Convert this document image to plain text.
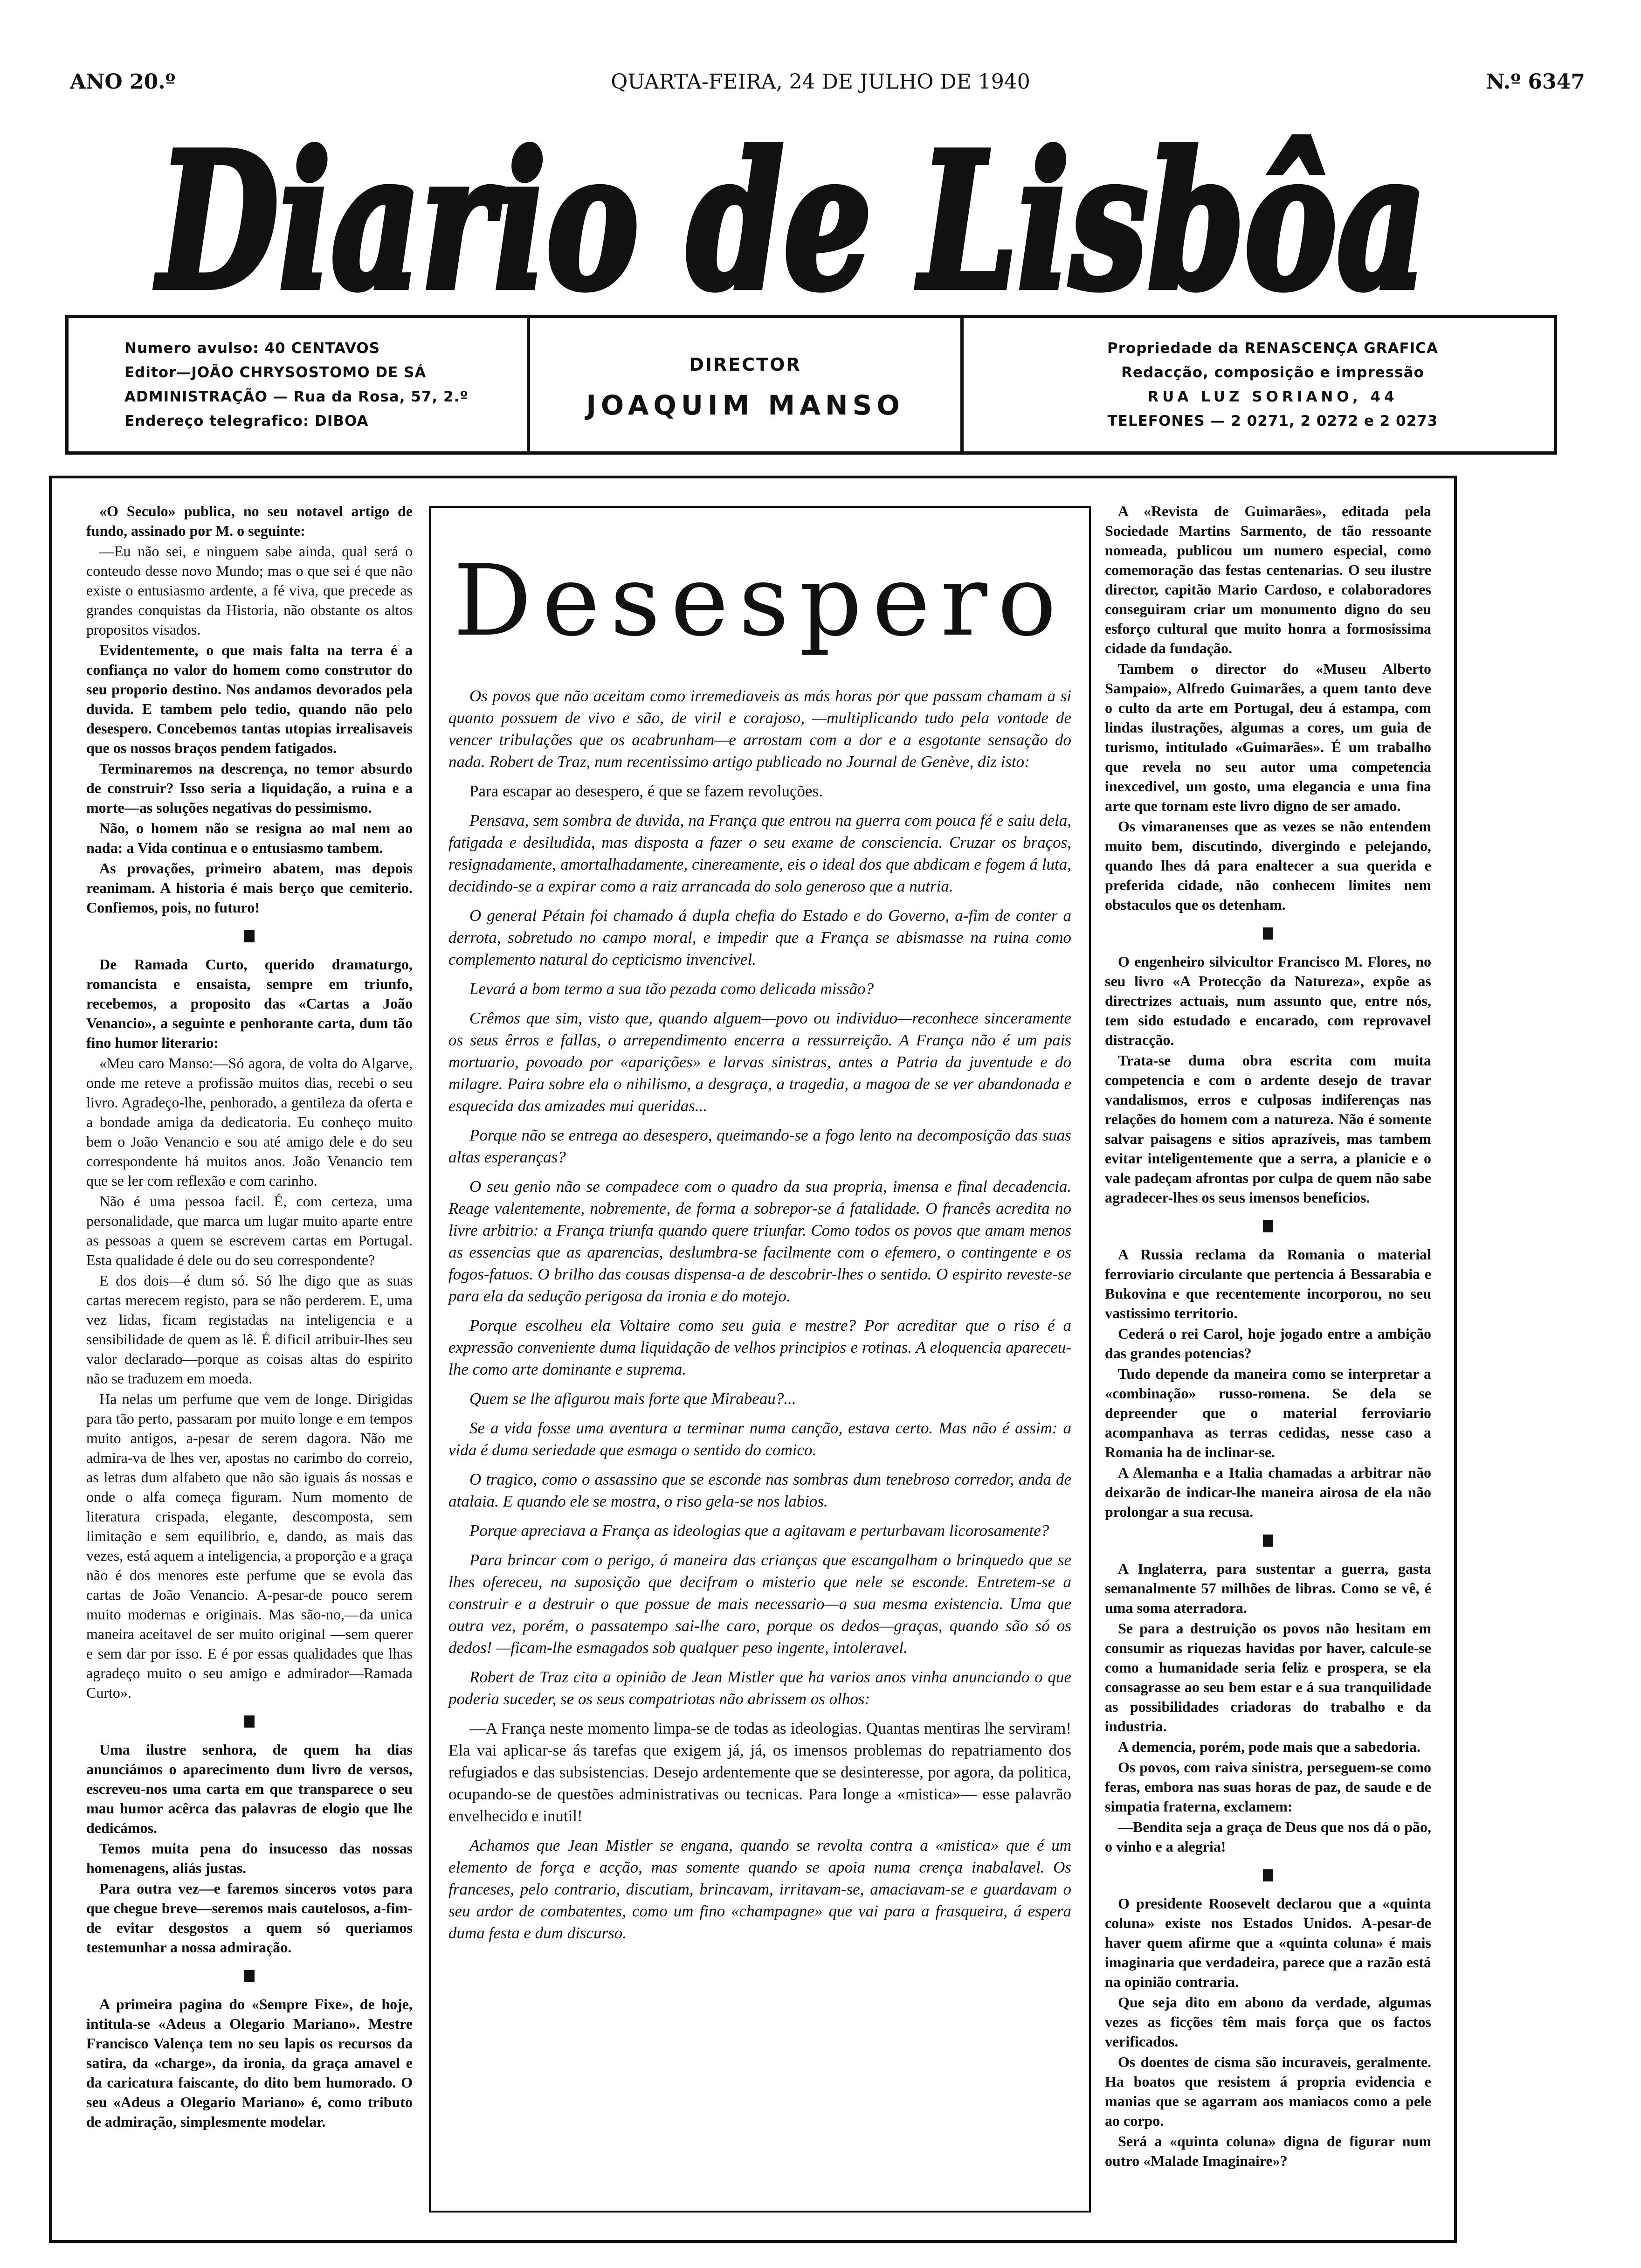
ANO 20.º	QUARTA-FEIRA, 24 DE JULHO DE 1940	N.º 6347
Diario de Lisbôa
Numero avulso: 40 CENTAVOS
Editor—JOÃO CHRYSOSTOMO DE SÁ
ADMINISTRAÇÃO — Rua da Rosa, 57, 2.º
Endereço telegrafico: DIBOA
DIRECTOR
JOAQUIM MANSO
Propriedade da RENASCENÇA GRAFICA
Redacção, composição e impressão
RUA LUZ SORIANO, 44
TELEFONES — 2 0271, 2 0272 e 2 0273

«O Seculo» publica, no seu notavel artigo de fundo, assinado por M. o seguinte:

—Eu não sei, e ninguem sabe ainda, qual será o conteudo desse novo Mundo; mas o que sei é que não existe o entusiasmo ardente, a fé viva, que precede as grandes conquistas da Historia, não obstante os altos propositos visados.

Evidentemente, o que mais falta na terra é a confiança no valor do homem como construtor do seu proporio destino. Nos andamos devorados pela duvida. E tambem pelo tedio, quando não pelo desespero. Concebemos tantas utopias irrealisaveis que os nossos braços pendem fatigados.

Terminaremos na descrença, no temor absurdo de construir? Isso seria a liquidação, a ruina e a morte—as soluções negativas do pessimismo.

Não, o homem não se resigna ao mal nem ao nada: a Vida continua e o entusiasmo tambem.

As provações, primeiro abatem, mas depois reanimam. A historia é mais berço que cemiterio. Confiemos, pois, no futuro!

De Ramada Curto, querido dramaturgo, romancista e ensaista, sempre em triunfo, recebemos, a proposito das «Cartas a João Venancio», a seguinte e penhorante carta, dum tão fino humor literario:

«Meu caro Manso:—Só agora, de volta do Algarve, onde me reteve a profissão muitos dias, recebi o seu livro. Agradeço-lhe, penhorado, a gentileza da oferta e a bondade amiga da dedicatoria. Eu conheço muito bem o João Venancio e sou até amigo dele e do seu correspondente há muitos anos. João Venancio tem que se ler com reflexão e com carinho.

Não é uma pessoa facil. É, com certeza, uma personalidade, que marca um lugar muito aparte entre as pessoas a quem se escrevem cartas em Portugal. Esta qualidade é dele ou do seu correspondente?

E dos dois—é dum só. Só lhe digo que as suas cartas merecem registo, para se não perderem. E, uma vez lidas, ficam registadas na inteligencia e a sensibilidade de quem as lê. É dificil atribuir-lhes seu valor declarado—porque as coisas altas do espirito não se traduzem em moeda.

Ha nelas um perfume que vem de longe. Dirigidas para tão perto, passaram por muito longe e em tempos muito antigos, a-pesar de serem dagora. Não me admira-va de lhes ver, apostas no carimbo do correio, as letras dum alfabeto que não são iguais ás nossas e onde o alfa começa figuram. Num momento de literatura crispada, elegante, descomposta, sem limitação e sem equilibrio, e, dando, as mais das vezes, está aquem a inteligencia, a proporção e a graça não é dos menores este perfume que se evola das cartas de João Venancio. A-pesar-de pouco serem muito modernas e originais. Mas são-no,—da unica maneira aceitavel de ser muito original —sem querer e sem dar por isso. E é por essas qualidades que lhas agradeço muito o seu amigo e admirador—Ramada Curto».

Uma ilustre senhora, de quem ha dias anunciámos o aparecimento dum livro de versos, escreveu-nos uma carta em que transparece o seu mau humor acêrca das palavras de elogio que lhe dedicámos.

Temos muita pena do insucesso das nossas homenagens, aliás justas.

Para outra vez—e faremos sinceros votos para que chegue breve—seremos mais cautelosos, a-fim-de evitar desgostos a quem só queriamos testemunhar a nossa admiração.

A primeira pagina do «Sempre Fixe», de hoje, intitula-se «Adeus a Olegario Mariano». Mestre Francisco Valença tem no seu lapis os recursos da satira, da «charge», da ironia, da graça amavel e da caricatura faiscante, do dito bem humorado. O seu «Adeus a Olegario Mariano» é, como tributo de admiração, simplesmente modelar.

Desespero

Os povos que não aceitam como irremediaveis as más horas por que passam chamam a si quanto possuem de vivo e são, de viril e corajoso, —multiplicando tudo pela vontade de vencer tribulações que os acabrunham—e arrostam com a dor e a esgotante sensação do nada. Robert de Traz, num recentissimo artigo publicado no Journal de Genève, diz isto:

Para escapar ao desespero, é que se fazem revoluções.

Pensava, sem sombra de duvida, na França que entrou na guerra com pouca fé e saiu dela, fatigada e desiludida, mas disposta a fazer o seu exame de consciencia. Cruzar os braços, resignadamente, amortalhadamente, cinereamente, eis o ideal dos que abdicam e fogem á luta, decidindo-se a expirar como a raiz arrancada do solo generoso que a nutria.

O general Pétain foi chamado á dupla chefia do Estado e do Governo, a-fim de conter a derrota, sobretudo no campo moral, e impedir que a França se abismasse na ruina como complemento natural do cepticismo invencivel.

Levará a bom termo a sua tão pezada como delicada missão?

Crêmos que sim, visto que, quando alguem—povo ou individuo—reconhece sinceramente os seus êrros e fallas, o arrependimento encerra a ressurreição. A França não é um pais mortuario, povoado por «aparições» e larvas sinistras, antes a Patria da juventude e do milagre. Paira sobre ela o nihilismo, a desgraça, a tragedia, a magoa de se ver abandonada e esquecida das amizades mui queridas...

Porque não se entrega ao desespero, queimando-se a fogo lento na decomposição das suas altas esperanças?

O seu genio não se compadece com o quadro da sua propria, imensa e final decadencia. Reage valentemente, nobremente, de forma a sobrepor-se á fatalidade. O francês acredita no livre arbitrio: a França triunfa quando quere triunfar. Como todos os povos que amam menos as essencias que as aparencias, deslumbra-se facilmente com o efemero, o contingente e os fogos-fatuos. O brilho das cousas dispensa-a de descobrir-lhes o sentido. O espirito reveste-se para ela da sedução perigosa da ironia e do motejo.

Porque escolheu ela Voltaire como seu guia e mestre? Por acreditar que o riso é a expressão conveniente duma liquidação de velhos principios e rotinas. A eloquencia apareceu-lhe como arte dominante e suprema.

Quem se lhe afigurou mais forte que Mirabeau?...

Se a vida fosse uma aventura a terminar numa canção, estava certo. Mas não é assim: a vida é duma seriedade que esmaga o sentido do comico.

O tragico, como o assassino que se esconde nas sombras dum tenebroso corredor, anda de atalaia. E quando ele se mostra, o riso gela-se nos labios.

Porque apreciava a França as ideologias que a agitavam e perturbavam licorosamente?

Para brincar com o perigo, á maneira das crianças que escangalham o brinquedo que se lhes ofereceu, na suposição que decifram o misterio que nele se esconde. Entretem-se a construir e a destruir o que possue de mais necessario—a sua mesma existencia. Uma que outra vez, porém, o passatempo sai-lhe caro, porque os dedos—graças, quando são só os dedos! —ficam-lhe esmagados sob qualquer peso ingente, intoleravel.

Robert de Traz cita a opinião de Jean Mistler que ha varios anos vinha anunciando o que poderia suceder, se os seus compatriotas não abrissem os olhos:

—A França neste momento limpa-se de todas as ideologias. Quantas mentiras lhe serviram! Ela vai aplicar-se ás tarefas que exigem já, já, os imensos problemas do repatriamento dos refugiados e das subsistencias. Desejo ardentemente que se desinteresse, por agora, da politica, ocupando-se de questões administrativas ou tecnicas. Para longe a «mistica»— esse palavrão envelhecido e inutil!

Achamos que Jean Mistler se engana, quando se revolta contra a «mistica» que é um elemento de força e acção, mas somente quando se apoia numa crença inabalavel. Os franceses, pelo contrario, discutiam, brincavam, irritavam-se, amaciavam-se e guardavam o seu ardor de combatentes, como um fino «champagne» que vai para a frasqueira, á espera duma festa e dum discurso.

A «Revista de Guimarães», editada pela Sociedade Martins Sarmento, de tão ressoante nomeada, publicou um numero especial, como comemoração das festas centenarias. O seu ilustre director, capitão Mario Cardoso, e colaboradores conseguiram criar um monumento digno do seu esforço cultural que muito honra a formosissima cidade da fundação.

Tambem o director do «Museu Alberto Sampaio», Alfredo Guimarães, a quem tanto deve o culto da arte em Portugal, deu á estampa, com lindas ilustrações, algumas a cores, um guia de turismo, intitulado «Guimarães». É um trabalho que revela no seu autor uma competencia inexcedivel, um gosto, uma elegancia e uma fina arte que tornam este livro digno de ser amado.

Os vimaranenses que as vezes se não entendem muito bem, discutindo, divergindo e pelejando, quando lhes dá para enaltecer a sua querida e preferida cidade, não conhecem limites nem obstaculos que os detenham.

O engenheiro silvicultor Francisco M. Flores, no seu livro «A Protecção da Natureza», expõe as directrizes actuais, num assunto que, entre nós, tem sido estudado e encarado, com reprovavel distracção.

Trata-se duma obra escrita com muita competencia e com o ardente desejo de travar vandalismos, erros e culposas indiferenças nas relações do homem com a natureza. Não é somente salvar paisagens e sitios aprazíveis, mas tambem evitar inteligentemente que a serra, a planicie e o vale padeçam afrontas por culpa de quem não sabe agradecer-lhes os seus imensos beneficios.

A Russia reclama da Romania o material ferroviario circulante que pertencia á Bessarabia e Bukovina e que recentemente incorporou, no seu vastissimo territorio.

Cederá o rei Carol, hoje jogado entre a ambição das grandes potencias?

Tudo depende da maneira como se interpretar a «combinação» russo-romena. Se dela se depreender que o material ferroviario acompanhava as terras cedidas, nesse caso a Romania ha de inclinar-se.

A Alemanha e a Italia chamadas a arbitrar não deixarão de indicar-lhe maneira airosa de ela não prolongar a sua recusa.

A Inglaterra, para sustentar a guerra, gasta semanalmente 57 milhões de libras. Como se vê, é uma soma aterradora.

Se para a destruição os povos não hesitam em consumir as riquezas havidas por haver, calcule-se como a humanidade seria feliz e prospera, se ela consagrasse ao seu bem estar e á sua tranquilidade as possibilidades criadoras do trabalho e da industria.

A demencia, porém, pode mais que a sabedoria.

Os povos, com raiva sinistra, perseguem-se como feras, embora nas suas horas de paz, de saude e de simpatia fraterna, exclamem:

—Bendita seja a graça de Deus que nos dá o pão, o vinho e a alegria!

O presidente Roosevelt declarou que a «quinta coluna» existe nos Estados Unidos. A-pesar-de haver quem afirme que a «quinta coluna» é mais imaginaria que verdadeira, parece que a razão está na opinião contraria.

Que seja dito em abono da verdade, algumas vezes as ficções têm mais força que os factos verificados.

Os doentes de cisma são incuraveis, geralmente. Ha boatos que resistem á propria evidencia e manias que se agarram aos maniacos como a pele ao corpo.

Será a «quinta coluna» digna de figurar num outro «Malade Imaginaire»?
